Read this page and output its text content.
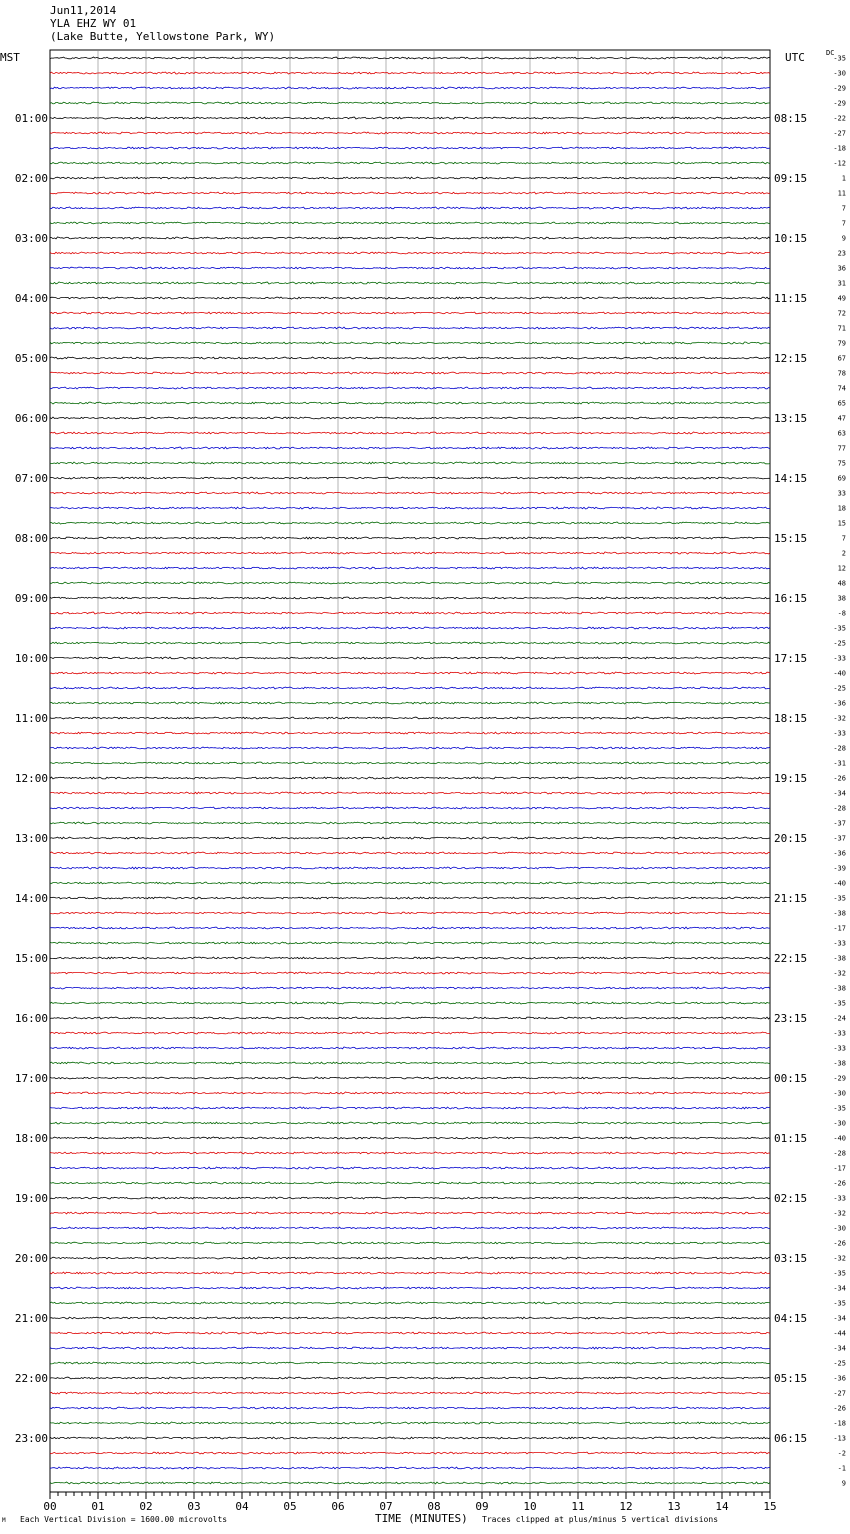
Jun11,2014
YLA EHZ WY 01
(Lake Butte, Yellowstone Park, WY)
MST	UTC	DC
-35
-30
-29
-29
-22
-27
-18
-12
1
11
7
7
9
23
36
31
49
72
71
79
67
78
74
65
47
63
77
75
69
33
18
15
7
2
12
48
38
-8
-35
-25
-33
-40
-25
-36
-32
-33
-28
-31
-26
-34
-28
-37
-37
-36
-39
-40
-35
-38
-17
-33
-38
-32
-38
-35
-24
-33
-33
-38
-29
-30
-35
-30
-40
-28
-17
-26
-33
-32
-30
-26
-32
-35
-34
-35
-34
-44
-34
-25
-36
-27
-26
-18
-13
-2
-1
9
01:00	08:15
02:00	09:15
03:00	10:15
04:00	11:15
05:00	12:15
06:00	13:15
07:00	14:15
08:00	15:15
09:00	16:15
10:00	17:15
11:00	18:15
12:00	19:15
13:00	20:15
14:00	21:15
15:00	22:15
16:00	23:15
17:00	00:15
18:00	01:15
19:00	02:15
20:00	03:15
21:00	04:15
22:00	05:15
23:00	06:15
00	01	02	03	04	05	06	07	08	09	10	11	12	13	14	15
M Each Vertical Division = 1600.00 microvolts	TIME (MINUTES) Traces clipped at plus/minus 5 vertical divisions
